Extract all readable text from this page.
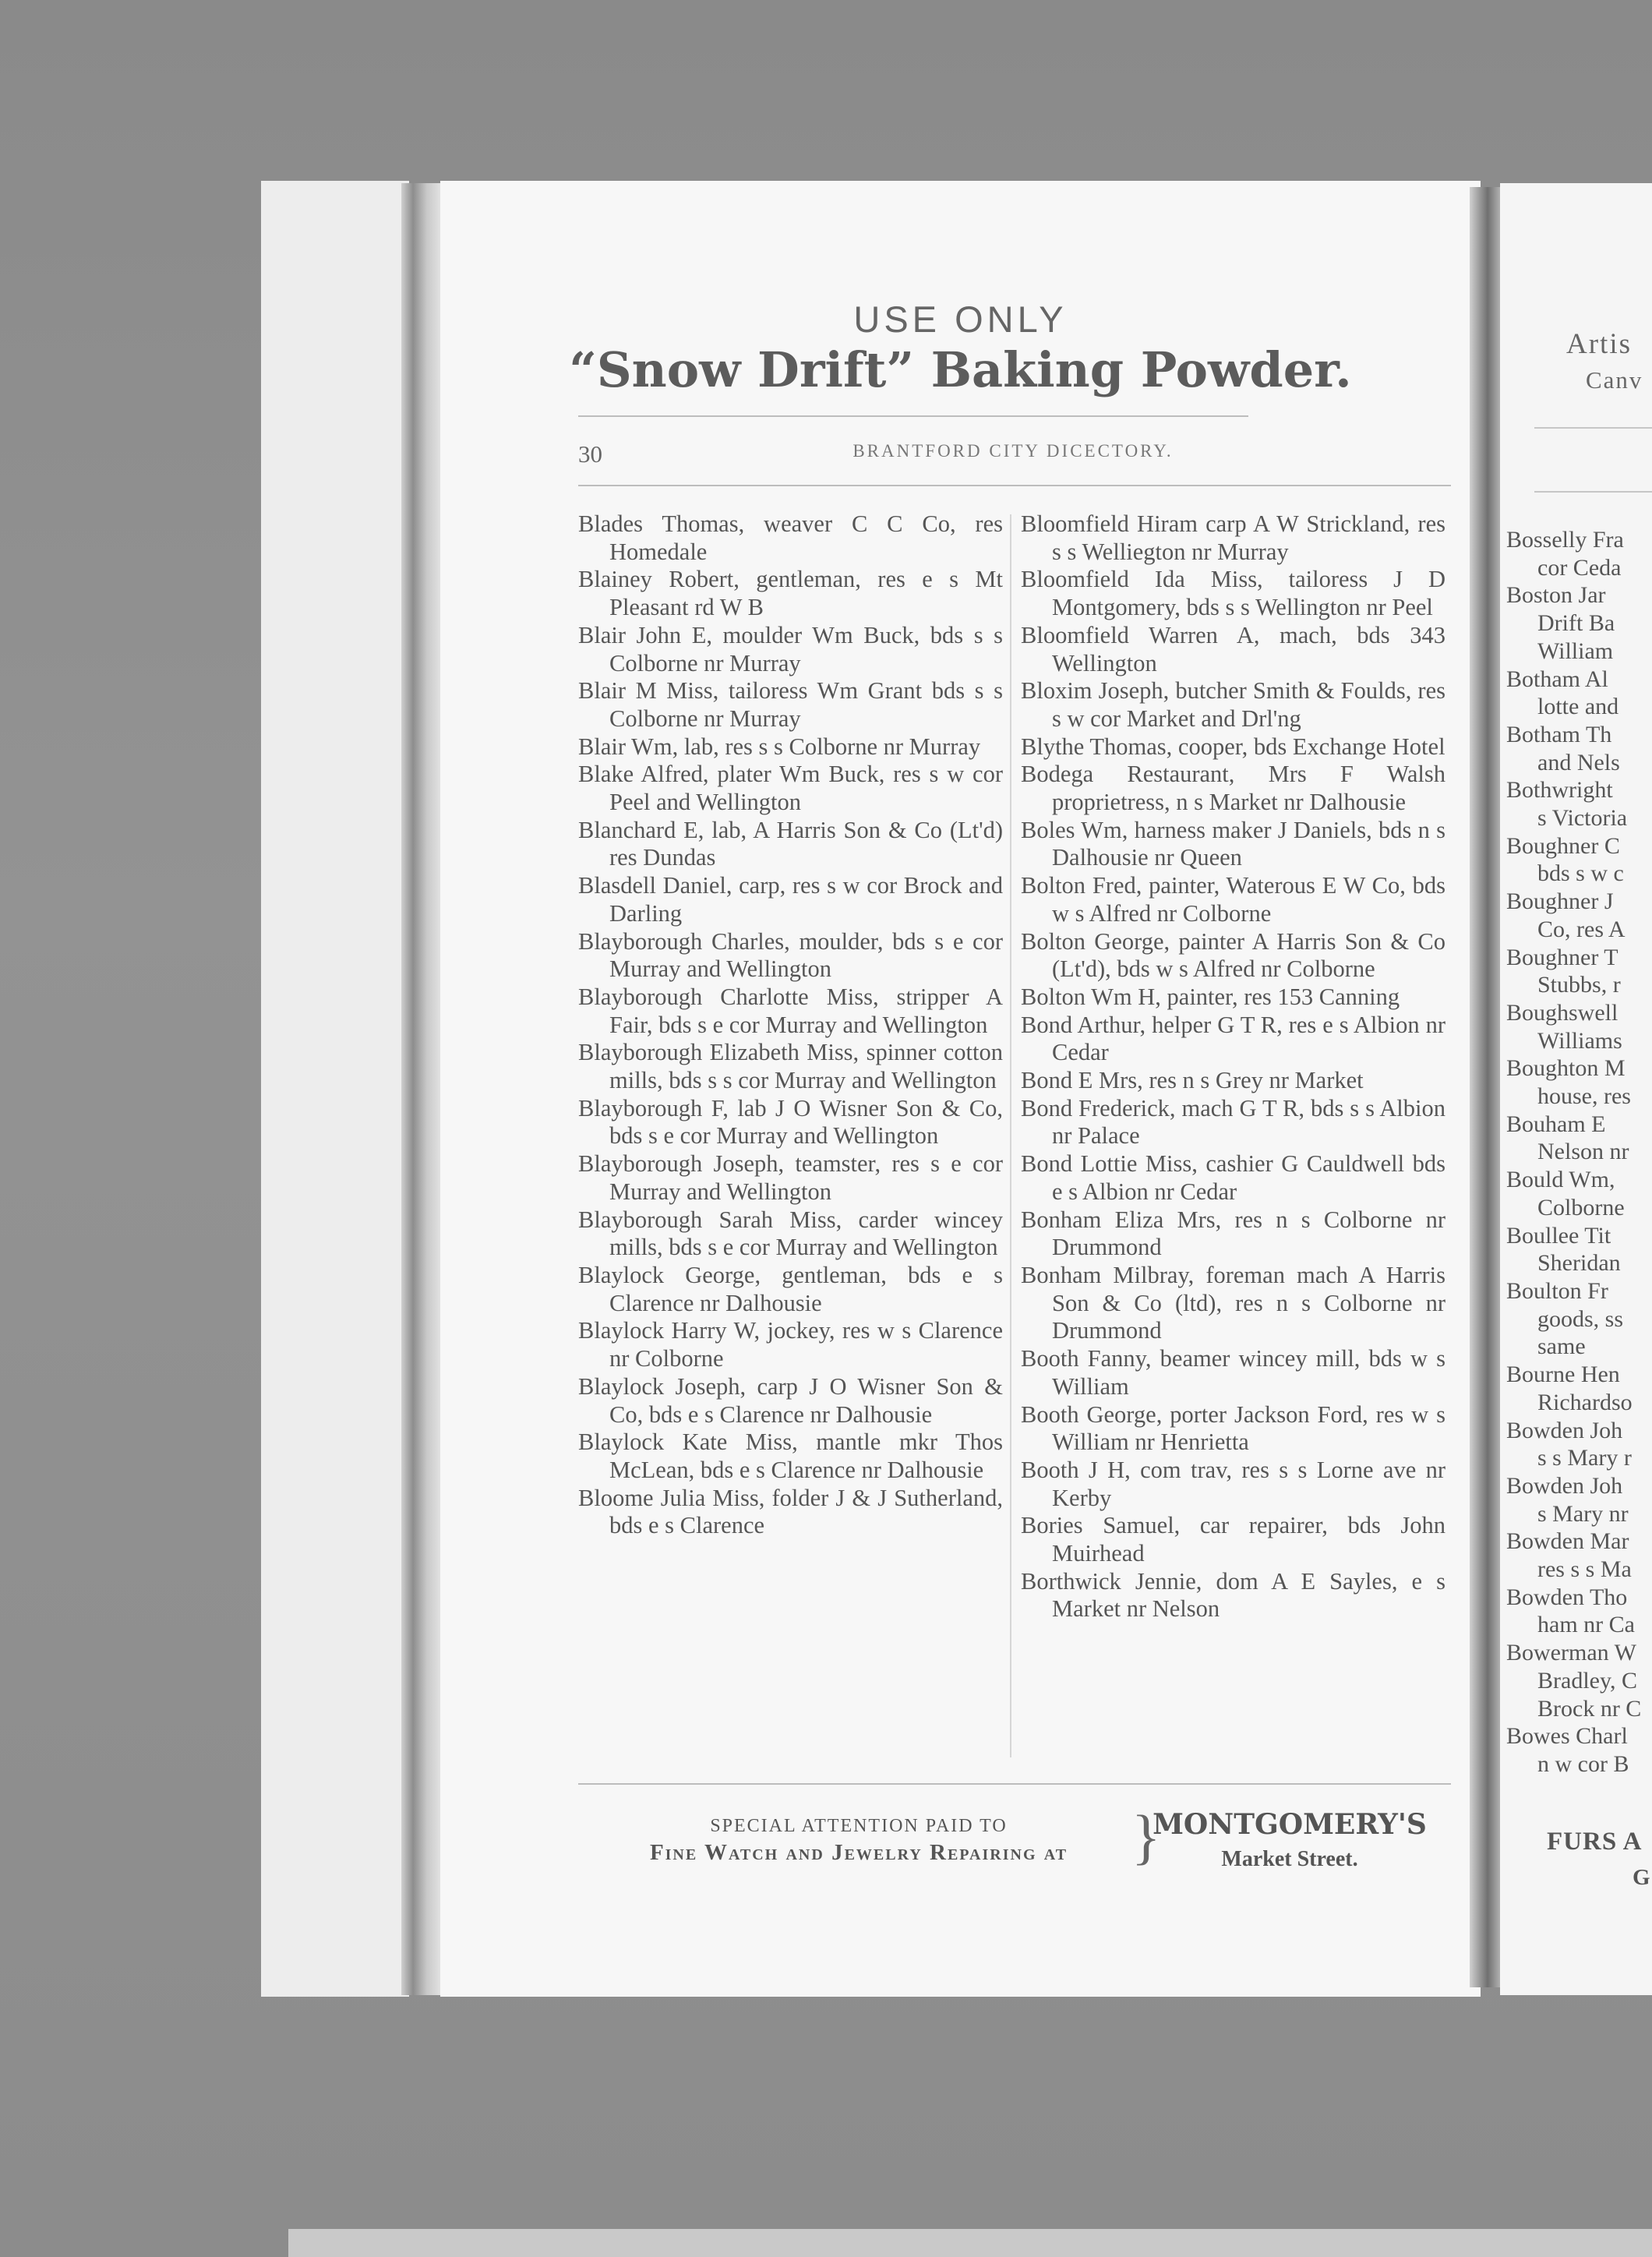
USE ONLY
“Snow Drift” Baking Powder.
30	BRANTFORD CITY DICECTORY.
Blades Thomas, weaver C C Co, res Homedale
Blainey Robert, gentleman, res e s Mt Pleasant rd W B
Blair John E, moulder Wm Buck, bds s s Colborne nr Murray
Blair M Miss, tailoress Wm Grant bds s s Colborne nr Murray
Blair Wm, lab, res s s Colborne nr Murray
Blake Alfred, plater Wm Buck, res s w cor Peel and Wellington
Blanchard E, lab, A Harris Son & Co (Lt'd) res Dundas
Blasdell Daniel, carp, res s w cor Brock and Darling
Blayborough Charles, moulder, bds s e cor Murray and Wellington
Blayborough Charlotte Miss, stripper A Fair, bds s e cor Murray and Wellington
Blayborough Elizabeth Miss, spinner cotton mills, bds s s cor Murray and Wellington
Blayborough F, lab J O Wisner Son & Co, bds s e cor Murray and Wellington
Blayborough Joseph, teamster, res s e cor Murray and Wellington
Blayborough Sarah Miss, carder wincey mills, bds s e cor Murray and Wellington
Blaylock George, gentleman, bds e s Clarence nr Dalhousie
Blaylock Harry W, jockey, res w s Clarence nr Colborne
Blaylock Joseph, carp J O Wisner Son & Co, bds e s Clarence nr Dalhousie
Blaylock Kate Miss, mantle mkr Thos McLean, bds e s Clarence nr Dalhousie
Bloome Julia Miss, folder J & J Sutherland, bds e s Clarence
Bloomfield Hiram carp A W Strickland, res s s Welliegton nr Murray
Bloomfield Ida Miss, tailoress J D Montgomery, bds s s Wellington nr Peel
Bloomfield Warren A, mach, bds 343 Wellington
Bloxim Joseph, butcher Smith & Foulds, res s w cor Market and Drl'ng
Blythe Thomas, cooper, bds Exchange Hotel
Bodega Restaurant, Mrs F Walsh proprietress, n s Market nr Dalhousie
Boles Wm, harness maker J Daniels, bds n s Dalhousie nr Queen
Bolton Fred, painter, Waterous E W Co, bds w s Alfred nr Colborne
Bolton George, painter A Harris Son & Co (Lt'd), bds w s Alfred nr Colborne
Bolton Wm H, painter, res 153 Canning
Bond Arthur, helper G T R, res e s Albion nr Cedar
Bond E Mrs, res n s Grey nr Market
Bond Frederick, mach G T R, bds s s Albion nr Palace
Bond Lottie Miss, cashier G Cauldwell bds e s Albion nr Cedar
Bonham Eliza Mrs, res n s Colborne nr Drummond
Bonham Milbray, foreman mach A Harris Son & Co (ltd), res n s Colborne nr Drummond
Booth Fanny, beamer wincey mill, bds w s William
Booth George, porter Jackson Ford, res w s William nr Henrietta
Booth J H, com trav, res s s Lorne ave nr Kerby
Bories Samuel, car repairer, bds John Muirhead
Borthwick Jennie, dom A E Sayles, e s Market nr Nelson
SPECIAL ATTENTION PAID TO
Fine Watch and Jewelry Repairing at	}
MONTGOMERY'S
Market Street.
Artis
Canv
Bosselly Fra
cor Ceda
Boston Jar
Drift Ba
William
Botham Al
lotte and
Botham Th
and Nels
Bothwright
s Victoria
Boughner C
bds s w c
Boughner J
Co, res A
Boughner T
Stubbs, r
Boughswell
Williams
Boughton M
house, res
Bouham E
Nelson nr
Bould Wm,
Colborne
Boullee Tit
Sheridan
Boulton Fr
goods, ss
same
Bourne Hen
Richardso
Bowden Joh
s s Mary r
Bowden Joh
s Mary nr
Bowden Mar
res s s Ma
Bowden Tho
ham nr Ca
Bowerman W
Bradley, C
Brock nr C
Bowes Charl
n w cor B
FURS A
G
